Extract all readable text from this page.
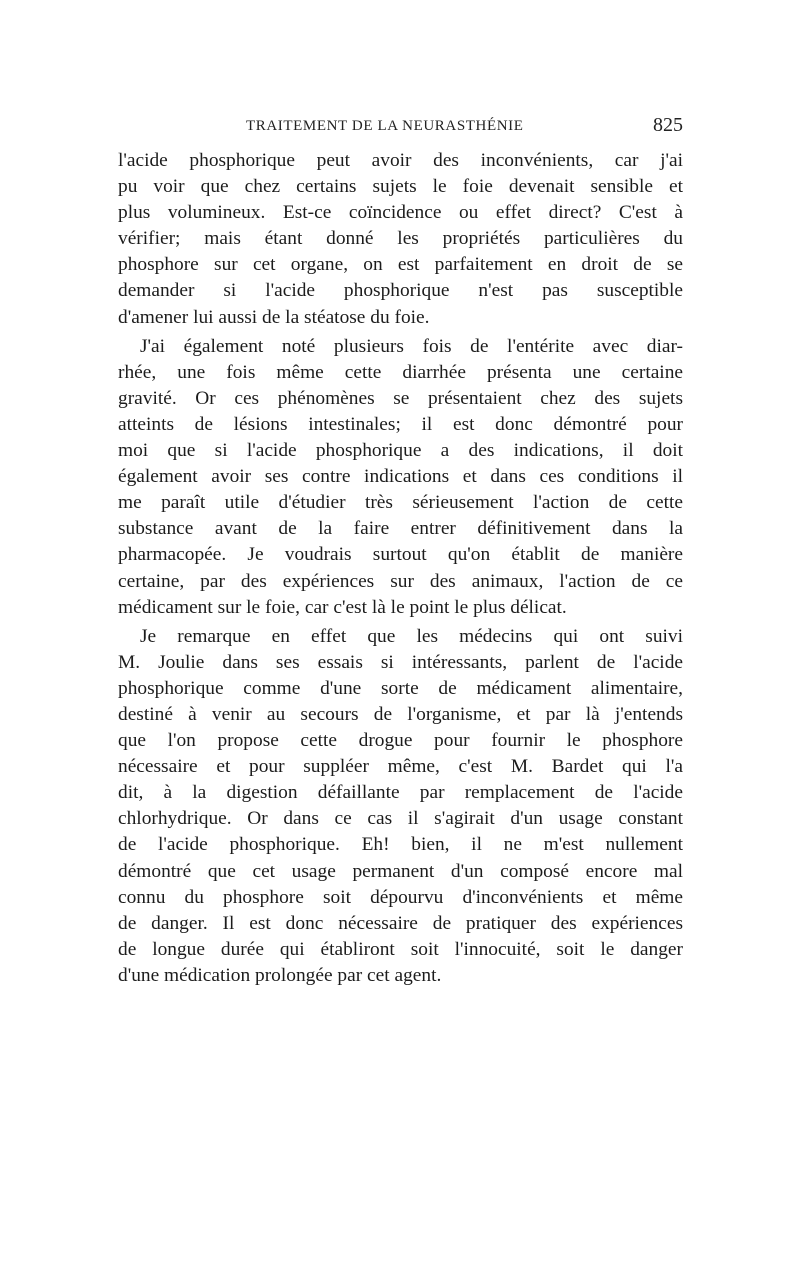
TRAITEMENT DE LA NEURASTHÉNIE	825
l'acide phosphorique peut avoir des inconvénients, car j'ai
pu voir que chez certains sujets le foie devenait sensible et
plus volumineux. Est-ce coïncidence ou effet direct? C'est à
vérifier; mais étant donné les propriétés particulières du
phosphore sur cet organe, on est parfaitement en droit de se
demander si l'acide phosphorique n'est pas susceptible
d'amener lui aussi de la stéatose du foie.
J'ai également noté plusieurs fois de l'entérite avec diar-
rhée, une fois même cette diarrhée présenta une certaine
gravité. Or ces phénomènes se présentaient chez des sujets
atteints de lésions intestinales; il est donc démontré pour
moi que si l'acide phosphorique a des indications, il doit
également avoir ses contre indications et dans ces conditions il
me paraît utile d'étudier très sérieusement l'action de cette
substance avant de la faire entrer définitivement dans la
pharmacopée. Je voudrais surtout qu'on établit de manière
certaine, par des expériences sur des animaux, l'action de ce
médicament sur le foie, car c'est là le point le plus délicat.
Je remarque en effet que les médecins qui ont suivi
M. Joulie dans ses essais si intéressants, parlent de l'acide
phosphorique comme d'une sorte de médicament alimentaire,
destiné à venir au secours de l'organisme, et par là j'entends
que l'on propose cette drogue pour fournir le phosphore
nécessaire et pour suppléer même, c'est M. Bardet qui l'a
dit, à la digestion défaillante par remplacement de l'acide
chlorhydrique. Or dans ce cas il s'agirait d'un usage constant
de l'acide phosphorique. Eh! bien, il ne m'est nullement
démontré que cet usage permanent d'un composé encore mal
connu du phosphore soit dépourvu d'inconvénients et même
de danger. Il est donc nécessaire de pratiquer des expériences
de longue durée qui établiront soit l'innocuité, soit le danger
d'une médication prolongée par cet agent.
